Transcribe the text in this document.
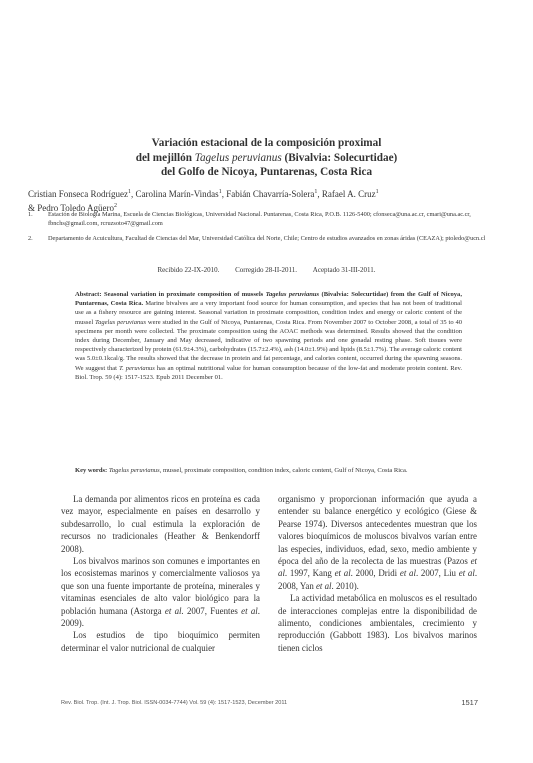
Variación estacional de la composición proximal
del mejillón Tagelus peruvianus (Bivalvia: Solecurtidae)
del Golfo de Nicoya, Puntarenas, Costa Rica
Cristian Fonseca Rodríguez$^1$, Carolina Marín-Vindas$^1$, Fabián Chavarría-Solera$^1$, Rafael A. Cruz$^1$
& Pedro Toledo Agüero$^2$
1. Estación de Biología Marina, Escuela de Ciencias Biológicas, Universidad Nacional. Puntarenas, Costa Rica, P.O.B. 1126-5400; cfonseca@una.ac.cr, cmari@una.ac.cr, fbnchs@gmail.com, rcruzsoto47@gmail.com
2. Departamento de Acuicultura, Facultad de Ciencias del Mar, Universidad Católica del Norte, Chile; Centro de estudios avanzados en zonas áridas (CEAZA); ptoledo@ucn.cl
Recibido 22-IX-2010. Corregido 28-II-2011. Aceptado 31-III-2011.
Abstract: Seasonal variation in proximate composition of mussels Tagelus peruvianus (Bivalvia: Solecurtidae) from the Gulf of Nicoya, Puntarenas, Costa Rica. Marine bivalves are a very important food source for human consumption, and species that has not been of traditional use as a fishery resource are gaining interest. Seasonal variation in proximate composition, condition index and energy or caloric content of the mussel Tagelus peruvianus were studied in the Gulf of Nicoya, Puntarenas, Costa Rica. From November 2007 to October 2008, a total of 35 to 40 specimens per month were collected. The proximate composition using the AOAC methods was determined. Results showed that the condition index during December, January and May decreased, indicative of two spawning periods and one gonadal resting phase. Soft tissues were respectively characterized by protein (61.9±4.3%), carbohydrates (15.7±2.4%), ash (14.0±1.9%) and lipids (8.5±1.7%). The average caloric content was 5.0±0.1kcal/g. The results showed that the decrease in protein and fat percentage, and calories content, occurred during the spawning seasons. We suggest that T. peruvianus has an optimal nutritional value for human consumption because of the low-fat and moderate protein content. Rev. Biol. Trop. 59 (4): 1517-1523. Epub 2011 December 01.
Key words: Tagelus peruvianus, mussel, proximate composition, condition index, caloric content, Gulf of Nicoya, Costa Rica.

La demanda por alimentos ricos en proteína es cada vez mayor, especialmente en países en desarrollo y subdesarrollo, lo cual estimula la exploración de recursos no tradicionales (Heather & Benkendorff 2008).

Los bivalvos marinos son comunes e importantes en los ecosistemas marinos y comercialmente valiosos ya que son una fuente importante de proteína, minerales y vitaminas esenciales de alto valor biológico para la población humana (Astorga et al. 2007, Fuentes et al. 2009).

Los estudios de tipo bioquímico permiten determinar el valor nutricional de cualquier

organismo y proporcionan información que ayuda a entender su balance energético y ecológico (Giese & Pearse 1974). Diversos antecedentes muestran que los valores bioquímicos de moluscos bivalvos varían entre las especies, individuos, edad, sexo, medio ambiente y época del año de la recolecta de las muestras (Pazos et al. 1997, Kang et al. 2000, Dridi et al. 2007, Liu et al. 2008, Yan et al. 2010).

La actividad metabólica en moluscos es el resultado de interacciones complejas entre la disponibilidad de alimento, condiciones ambientales, crecimiento y reproducción (Gabbott 1983). Los bivalvos marinos tienen ciclos

Rev. Biol. Trop. (Int. J. Trop. Biol. ISSN-0034-7744) Vol. 59 (4): 1517-1523, December 2011	1517
